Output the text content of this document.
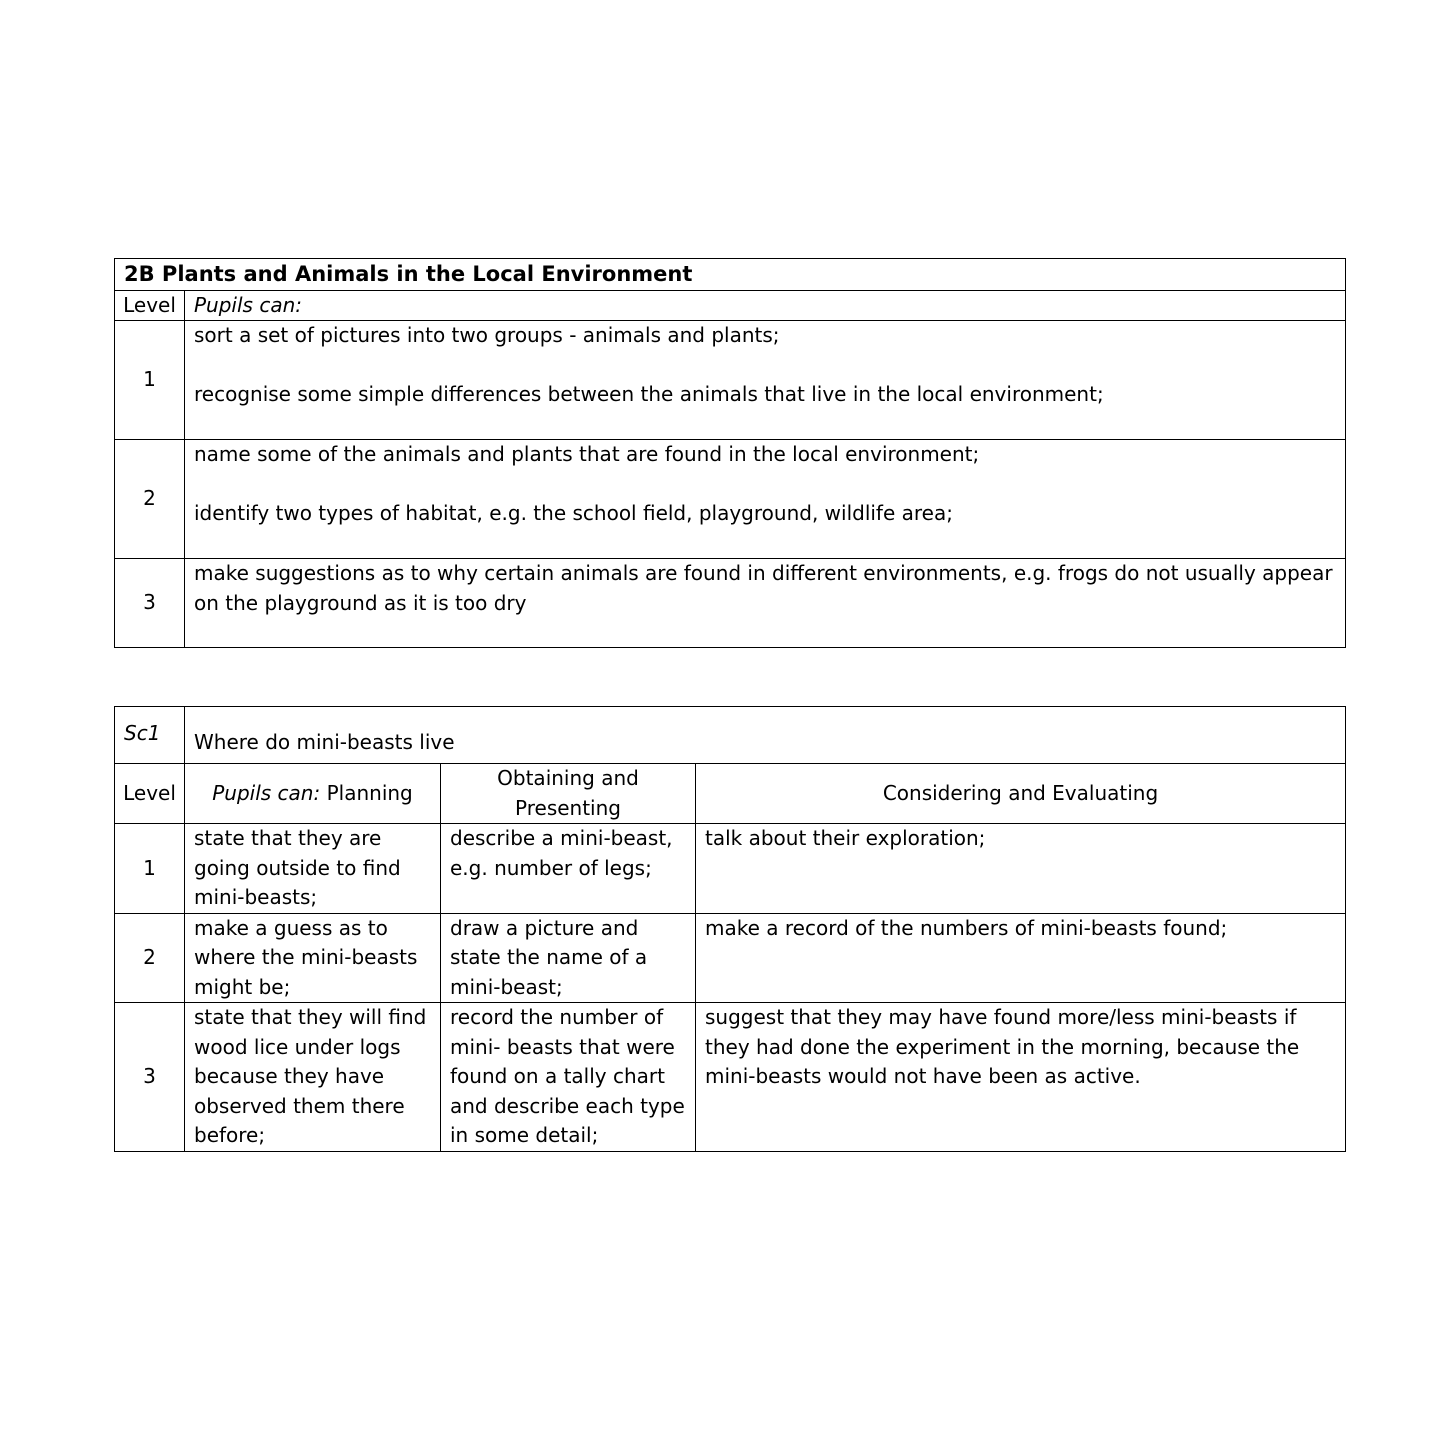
2B Plants and Animals in the Local Environment	
Level	Pupils can:
1	sort a set of pictures into two groups - animals and plants;
recognise some simple differences between the animals that live in the local environment;

2	name some of the animals and plants that are found in the local environment;
identify two types of habitat, e.g. the school field, playground, wildlife area;

3	make suggestions as to why certain animals are found in different environments, e.g. frogs do not usually appear on the playground as it is too dry
Sc1	Where do mini-beasts live		
Level	Pupils can: Planning	Obtaining and Presenting	Considering and Evaluating
1	state that they are going outside to find mini-beasts;	describe a mini-beast, e.g. number of legs;	talk about their exploration;
2	make a guess as to where the mini-beasts might be;	draw a picture and state the name of a mini-beast;	make a record of the numbers of mini-beasts found;
3	state that they will find wood lice under logs because they have observed them there before;	record the number of mini- beasts that were found on a tally chart and describe each type in some detail;	suggest that they may have found more/less mini-beasts if they had done the experiment in the morning, because the mini-beasts would not have been as active.
